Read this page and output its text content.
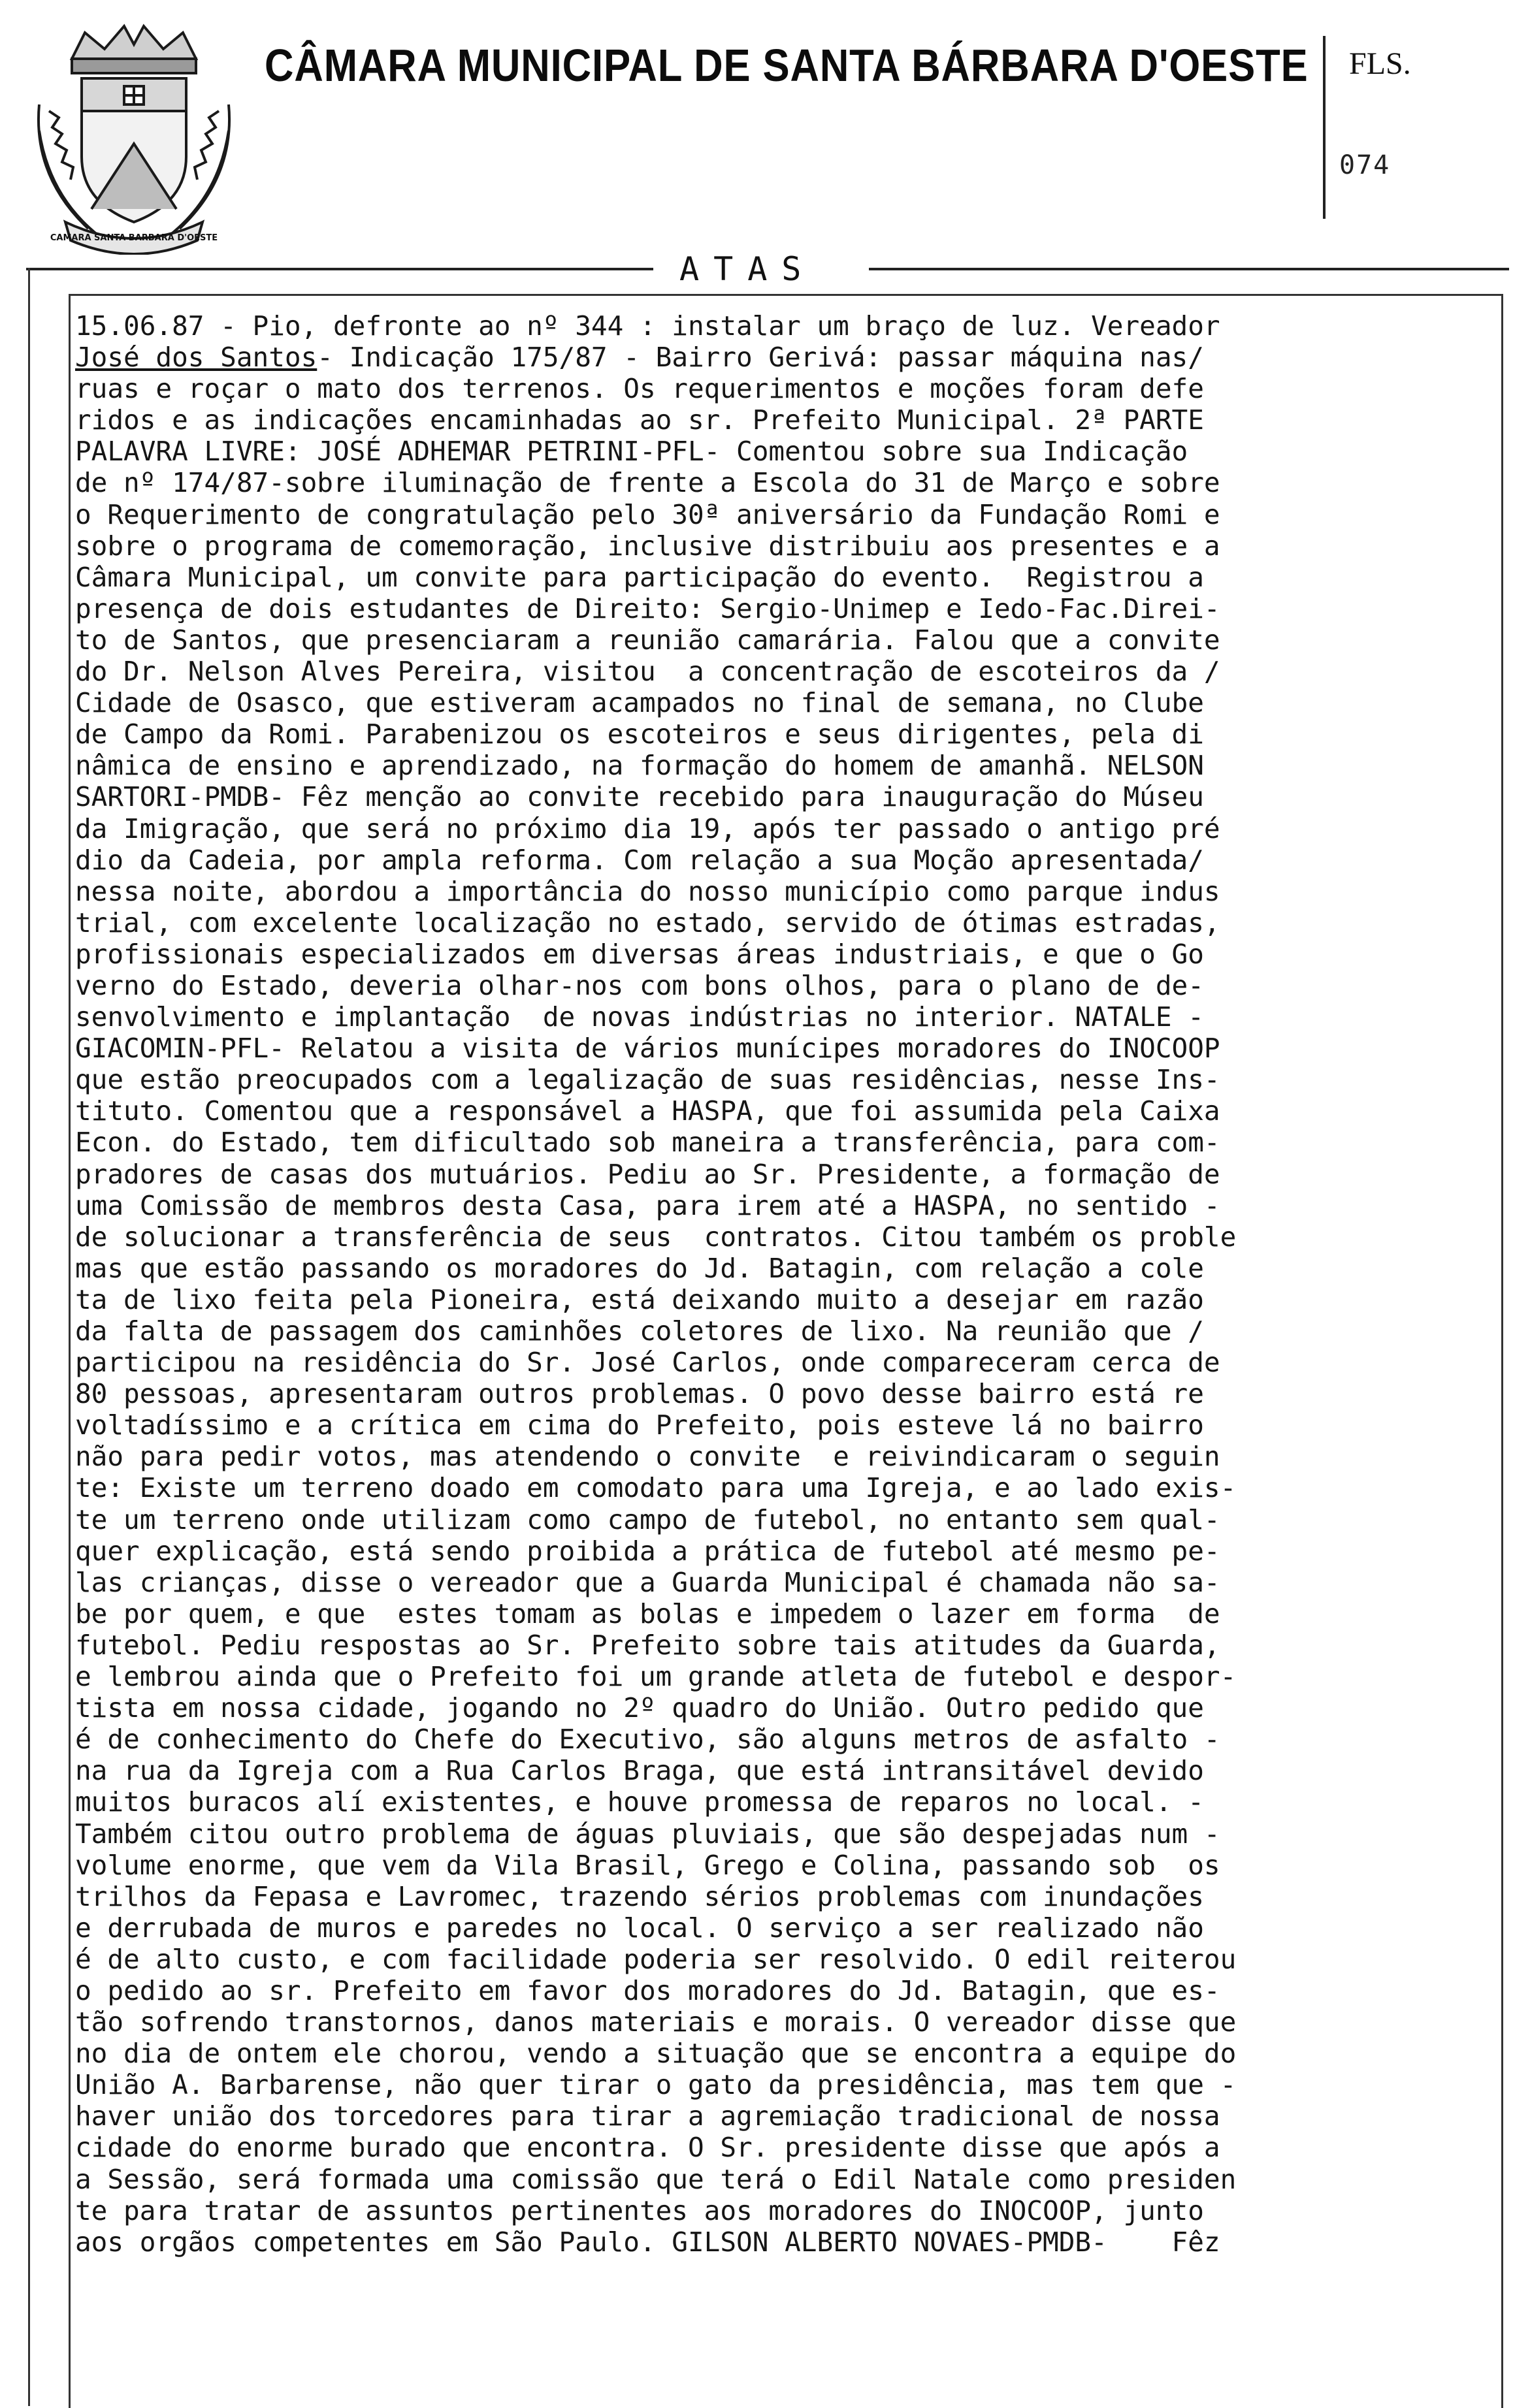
CAMARA SANTA BARBARA D'OESTE
CÂMARA MUNICIPAL DE SANTA BÁRBARA D'OESTE FLS.
074
ATAS
15.06.87 - Pio, defronte ao nº 344 : instalar um braço de luz. Vereador
José dos Santos- Indicação 175/87 - Bairro Gerivá: passar máquina nas/
ruas e roçar o mato dos terrenos. Os requerimentos e moções foram defe
ridos e as indicações encaminhadas ao sr. Prefeito Municipal. 2ª PARTE
PALAVRA LIVRE: JOSÉ ADHEMAR PETRINI-PFL- Comentou sobre sua Indicação
de nº 174/87-sobre iluminação de frente a Escola do 31 de Março e sobre
o Requerimento de congratulação pelo 30ª aniversário da Fundação Romi e
sobre o programa de comemoração, inclusive distribuiu aos presentes e a
Câmara Municipal, um convite para participação do evento.  Registrou a
presença de dois estudantes de Direito: Sergio-Unimep e Iedo-Fac.Direi-
to de Santos, que presenciaram a reunião camarária. Falou que a convite
do Dr. Nelson Alves Pereira, visitou  a concentração de escoteiros da /
Cidade de Osasco, que estiveram acampados no final de semana, no Clube
de Campo da Romi. Parabenizou os escoteiros e seus dirigentes, pela di
nâmica de ensino e aprendizado, na formação do homem de amanhã. NELSON
SARTORI-PMDB- Fêz menção ao convite recebido para inauguração do Múseu
da Imigração, que será no próximo dia 19, após ter passado o antigo pré
dio da Cadeia, por ampla reforma. Com relação a sua Moção apresentada/
nessa noite, abordou a importância do nosso município como parque indus
trial, com excelente localização no estado, servido de ótimas estradas,
profissionais especializados em diversas áreas industriais, e que o Go
verno do Estado, deveria olhar-nos com bons olhos, para o plano de de-
senvolvimento e implantação  de novas indústrias no interior. NATALE -
GIACOMIN-PFL- Relatou a visita de vários munícipes moradores do INOCOOP
que estão preocupados com a legalização de suas residências, nesse Ins-
tituto. Comentou que a responsável a HASPA, que foi assumida pela Caixa
Econ. do Estado, tem dificultado sob maneira a transferência, para com-
pradores de casas dos mutuários. Pediu ao Sr. Presidente, a formação de
uma Comissão de membros desta Casa, para irem até a HASPA, no sentido -
de solucionar a transferência de seus  contratos. Citou também os proble
mas que estão passando os moradores do Jd. Batagin, com relação a cole
ta de lixo feita pela Pioneira, está deixando muito a desejar em razão
da falta de passagem dos caminhões coletores de lixo. Na reunião que /
participou na residência do Sr. José Carlos, onde compareceram cerca de
80 pessoas, apresentaram outros problemas. O povo desse bairro está re
voltadíssimo e a crítica em cima do Prefeito, pois esteve lá no bairro
não para pedir votos, mas atendendo o convite  e reivindicaram o seguin
te: Existe um terreno doado em comodato para uma Igreja, e ao lado exis-
te um terreno onde utilizam como campo de futebol, no entanto sem qual-
quer explicação, está sendo proibida a prática de futebol até mesmo pe-
las crianças, disse o vereador que a Guarda Municipal é chamada não sa-
be por quem, e que  estes tomam as bolas e impedem o lazer em forma  de
futebol. Pediu respostas ao Sr. Prefeito sobre tais atitudes da Guarda,
e lembrou ainda que o Prefeito foi um grande atleta de futebol e despor-
tista em nossa cidade, jogando no 2º quadro do União. Outro pedido que
é de conhecimento do Chefe do Executivo, são alguns metros de asfalto -
na rua da Igreja com a Rua Carlos Braga, que está intransitável devido
muitos buracos alí existentes, e houve promessa de reparos no local. -
Também citou outro problema de águas pluviais, que são despejadas num -
volume enorme, que vem da Vila Brasil, Grego e Colina, passando sob  os
trilhos da Fepasa e Lavromec, trazendo sérios problemas com inundações
e derrubada de muros e paredes no local. O serviço a ser realizado não
é de alto custo, e com facilidade poderia ser resolvido. O edil reiterou
o pedido ao sr. Prefeito em favor dos moradores do Jd. Batagin, que es-
tão sofrendo transtornos, danos materiais e morais. O vereador disse que
no dia de ontem ele chorou, vendo a situação que se encontra a equipe do
União A. Barbarense, não quer tirar o gato da presidência, mas tem que -
haver união dos torcedores para tirar a agremiação tradicional de nossa
cidade do enorme burado que encontra. O Sr. presidente disse que após a
a Sessão, será formada uma comissão que terá o Edil Natale como presiden
te para tratar de assuntos pertinentes aos moradores do INOCOOP, junto
aos orgãos competentes em São Paulo. GILSON ALBERTO NOVAES-PMDB-    Fêz
